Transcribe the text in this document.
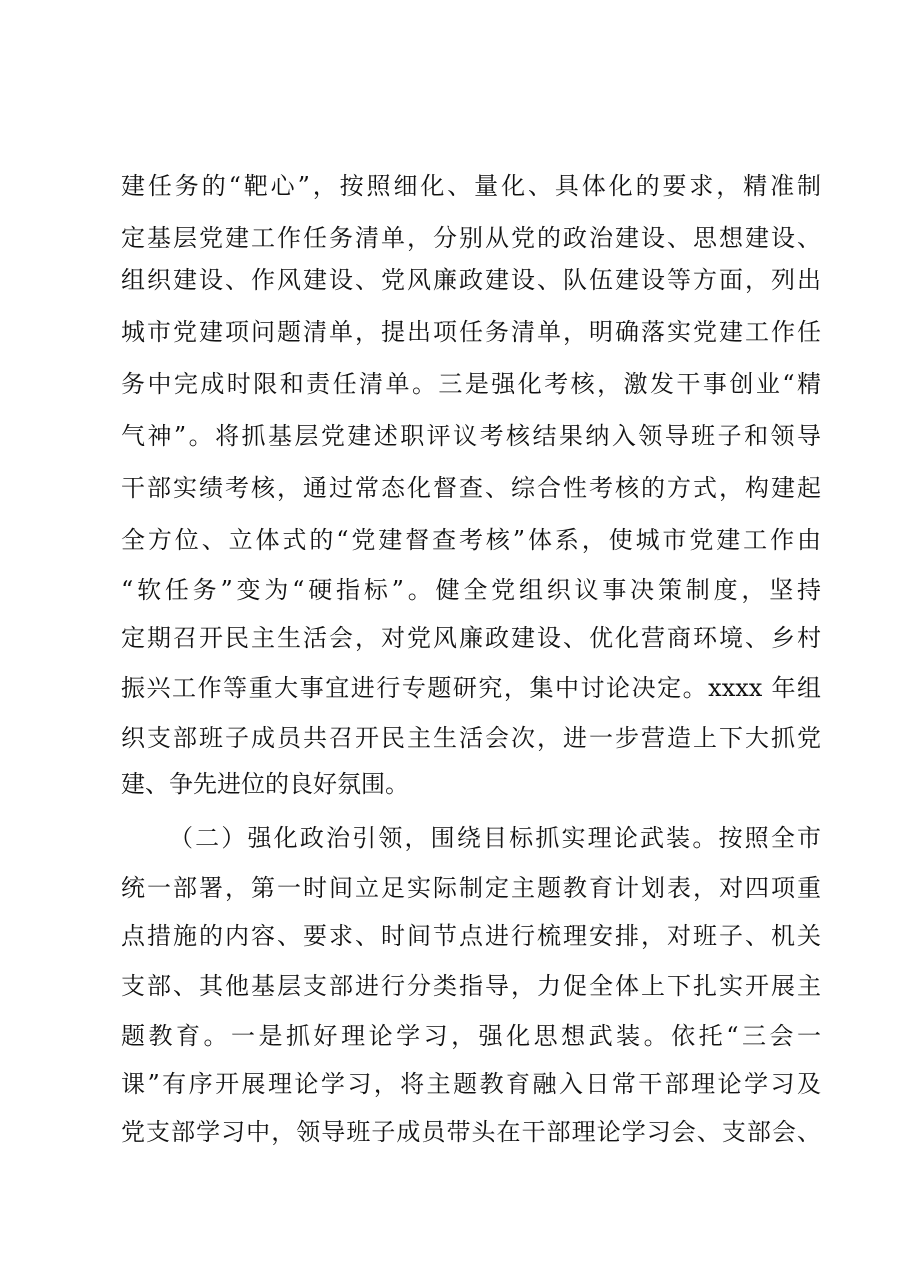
建任务的“靶心”，按照细化、量化、具体化的要求，精准制
定基层党建工作任务清单，分别从党的政治建设、思想建设、
组织建设、作风建设、党风廉政建设、队伍建设等方面，列出
城市党建项问题清单，提出项任务清单，明确落实党建工作任
务中完成时限和责任清单。三是强化考核，激发干事创业“精
气神”。将抓基层党建述职评议考核结果纳入领导班子和领导
干部实绩考核，通过常态化督查、综合性考核的方式，构建起
全方位、立体式的“党建督查考核”体系，使城市党建工作由
“软任务”变为“硬指标”。健全党组织议事决策制度，坚持
定期召开民主生活会，对党风廉政建设、优化营商环境、乡村
振兴工作等重大事宜进行专题研究，集中讨论决定。xxxx 年组
织支部班子成员共召开民主生活会次，进一步营造上下大抓党
建、争先进位的良好氛围。
（二）强化政治引领，围绕目标抓实理论武装。按照全市
统一部署，第一时间立足实际制定主题教育计划表，对四项重
点措施的内容、要求、时间节点进行梳理安排，对班子、机关
支部、其他基层支部进行分类指导，力促全体上下扎实开展主
题教育。一是抓好理论学习，强化思想武装。依托“三会一
课”有序开展理论学习，将主题教育融入日常干部理论学习及
党支部学习中，领导班子成员带头在干部理论学习会、支部会、
